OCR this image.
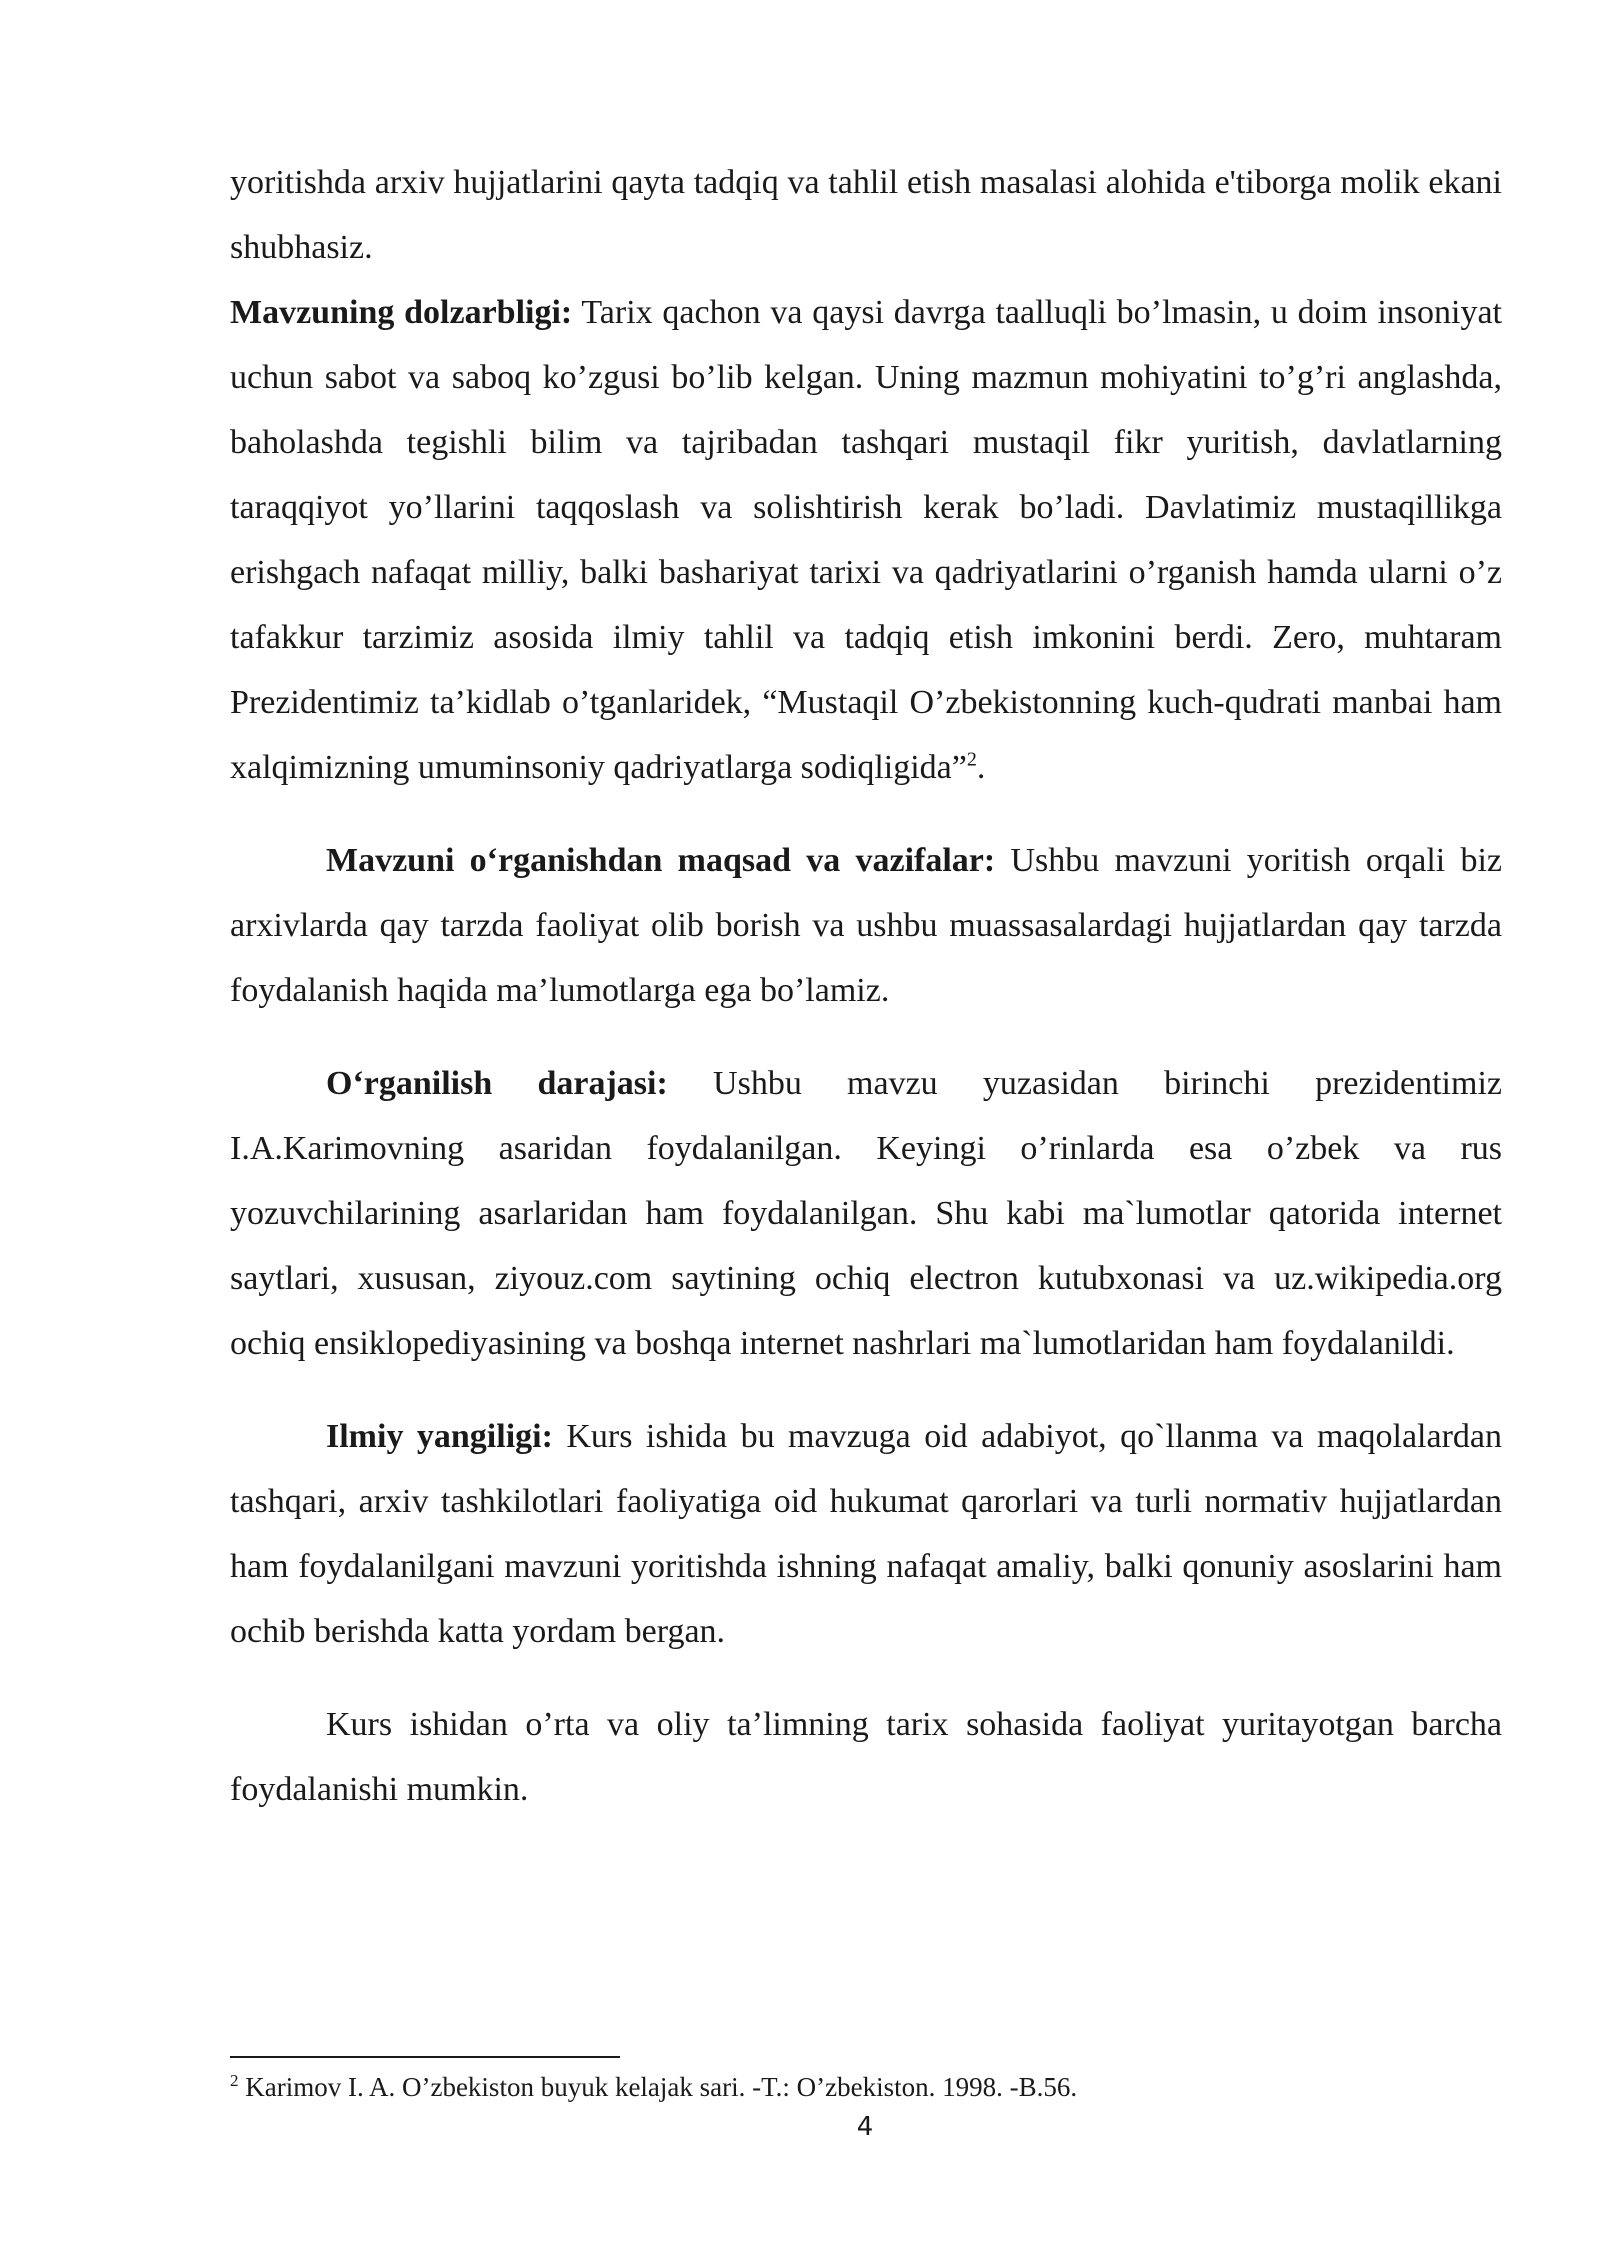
yoritishda arxiv hujjatlarini qayta tadqiq va tahlil etish masalasi alohida e'tiborga molik ekani shubhasiz.

Mavzuning dolzarbligi: Tarix qachon va qaysi davrga taalluqli bo’lmasin, u doim insoniyat uchun sabot va saboq ko’zgusi bo’lib kelgan. Uning mazmun mohiyatini to’g’ri anglashda, baholashda tegishli bilim va tajribadan tashqari mustaqil fikr yuritish, davlatlarning taraqqiyot yo’llarini taqqoslash va solishtirish kerak bo’ladi. Davlatimiz mustaqillikga erishgach nafaqat milliy, balki bashariyat tarixi va qadriyatlarini o’rganish hamda ularni o’z tafakkur tarzimiz asosida ilmiy tahlil va tadqiq etish imkonini berdi. Zero, muhtaram Prezidentimiz ta’kidlab o’tganlaridek, “Mustaqil O’zbekistonning kuch-qudrati manbai ham xalqimizning umuminsoniy qadriyatlarga sodiqligida”$^2$.

Mavzuni o‘rganishdan maqsad va vazifalar: Ushbu mavzuni yoritish orqali biz arxivlarda qay tarzda faoliyat olib borish va ushbu muassasalardagi hujjatlardan qay tarzda foydalanish haqida ma’lumotlarga ega bo’lamiz.

O‘rganilish darajasi: Ushbu mavzu yuzasidan birinchi prezidentimiz I.A.Karimovning asaridan foydalanilgan. Keyingi o’rinlarda esa o’zbek va rus yozuvchilarining asarlaridan ham foydalanilgan. Shu kabi ma`lumotlar qatorida internet saytlari, xususan, ziyouz.com saytining ochiq electron kutubxonasi va uz.wikipedia.org ochiq ensiklopediyasining va boshqa internet nashrlari ma`lumotlaridan ham foydalanildi.

Ilmiy yangiligi: Kurs ishida bu mavzuga oid adabiyot, qo`llanma va maqolalardan tashqari, arxiv tashkilotlari faoliyatiga oid hukumat qarorlari va turli normativ hujjatlardan ham foydalanilgani mavzuni yoritishda ishning nafaqat amaliy, balki qonuniy asoslarini ham ochib berishda katta yordam bergan.

Kurs ishidan o’rta va oliy ta’limning tarix sohasida faoliyat yuritayotgan barcha foydalanishi mumkin.

$^2$ Karimov I. A. O’zbekiston buyuk kelajak sari. -T.: O’zbekiston. 1998. -B.56.

4
